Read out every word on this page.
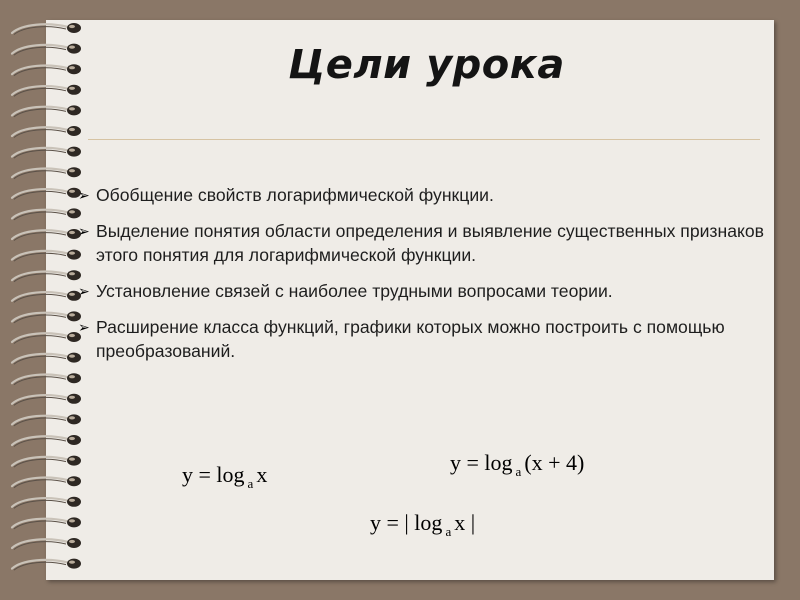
Цели урока
➢ Обобщение свойств логарифмической функции.
➢ Выделение понятия области определения и выявление существенных признаков этого понятия для логарифмической функции.
➢ Установление связей с наиболее трудными вопросами теории.
➢ Расширение класса функций, графики которых можно построить с помощью преобразований.
y = log $_a$ x	y = log $_a$ (x + 4)
y = | log $_a$ x |
